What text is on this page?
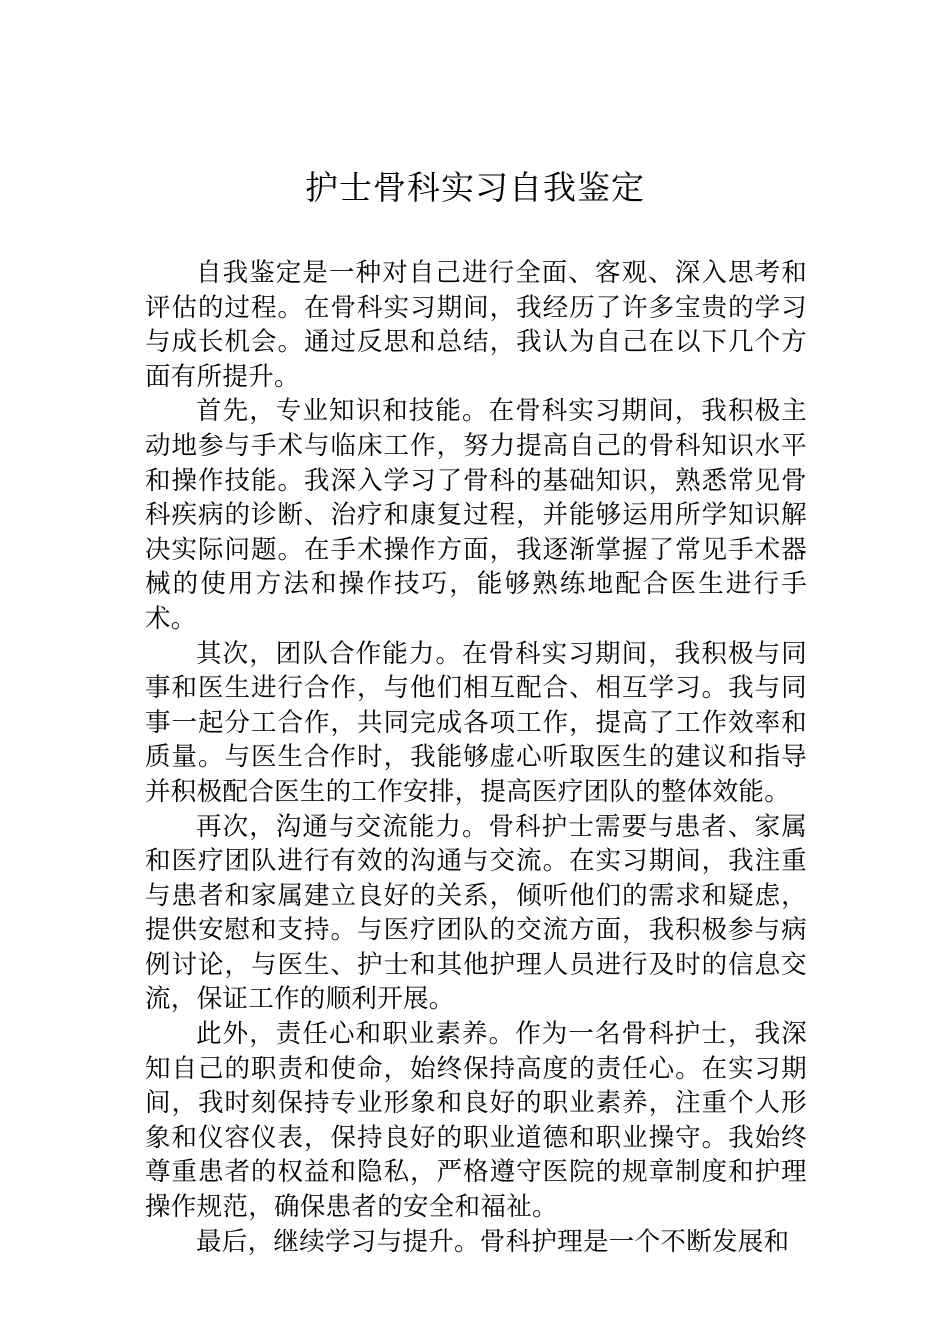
护士骨科实习自我鉴定

自我鉴定是一种对自己进行全面、客观、深入思考和评估的过程。在骨科实习期间，我经历了许多宝贵的学习与成长机会。通过反思和总结，我认为自己在以下几个方面有所提升。

首先，专业知识和技能。在骨科实习期间，我积极主动地参与手术与临床工作，努力提高自己的骨科知识水平和操作技能。我深入学习了骨科的基础知识，熟悉常见骨科疾病的诊断、治疗和康复过程，并能够运用所学知识解决实际问题。在手术操作方面，我逐渐掌握了常见手术器械的使用方法和操作技巧，能够熟练地配合医生进行手术。

其次，团队合作能力。在骨科实习期间，我积极与同事和医生进行合作，与他们相互配合、相互学习。我与同事一起分工合作，共同完成各项工作，提高了工作效率和质量。与医生合作时，我能够虚心听取医生的建议和指导并积极配合医生的工作安排，提高医疗团队的整体效能。

再次，沟通与交流能力。骨科护士需要与患者、家属和医疗团队进行有效的沟通与交流。在实习期间，我注重与患者和家属建立良好的关系，倾听他们的需求和疑虑，提供安慰和支持。与医疗团队的交流方面，我积极参与病例讨论，与医生、护士和其他护理人员进行及时的信息交流，保证工作的顺利开展。

此外，责任心和职业素养。作为一名骨科护士，我深知自己的职责和使命，始终保持高度的责任心。在实习期间，我时刻保持专业形象和良好的职业素养，注重个人形象和仪容仪表，保持良好的职业道德和职业操守。我始终尊重患者的权益和隐私，严格遵守医院的规章制度和护理操作规范，确保患者的安全和福祉。

最后，继续学习与提升。骨科护理是一个不断发展和
